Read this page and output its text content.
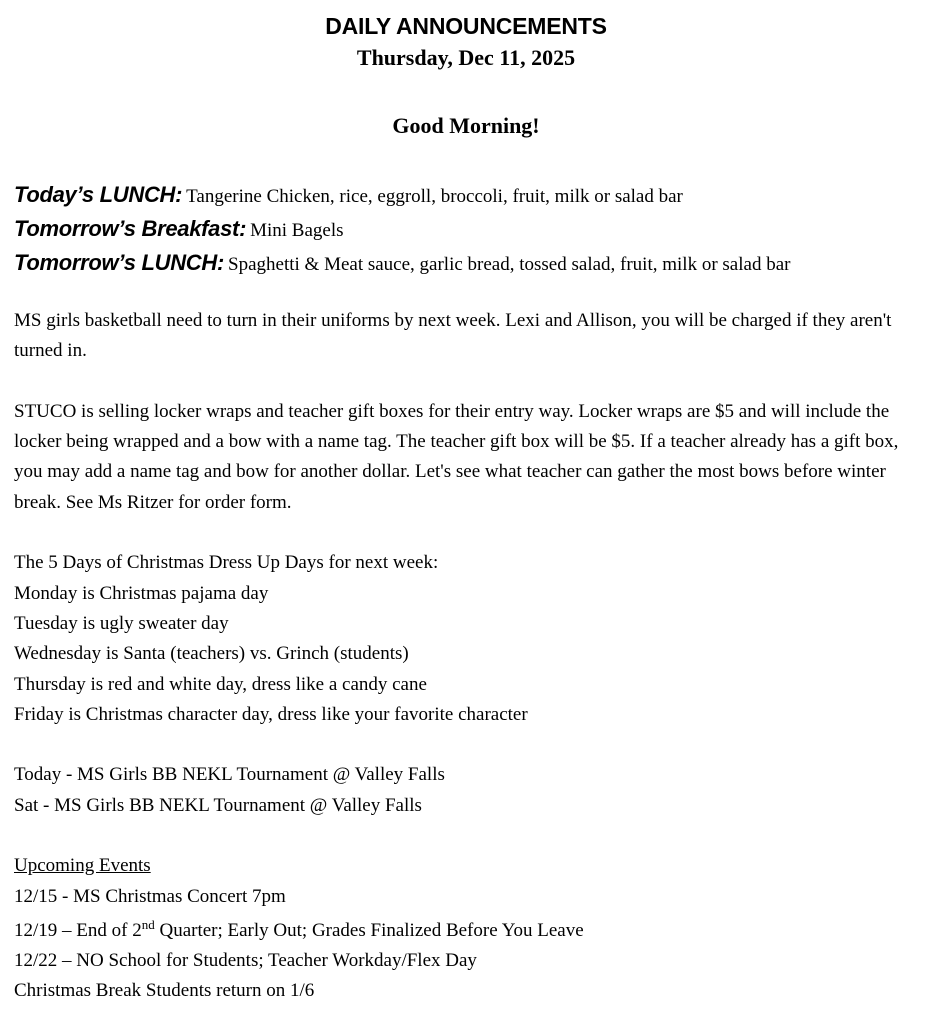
DAILY ANNOUNCEMENTS
Thursday, Dec 11, 2025
Good Morning!
Today’s LUNCH: Tangerine Chicken, rice, eggroll, broccoli, fruit, milk or salad bar
Tomorrow’s Breakfast: Mini Bagels
Tomorrow’s LUNCH: Spaghetti & Meat sauce, garlic bread, tossed salad, fruit, milk or salad bar

MS girls basketball need to turn in their uniforms by next week. Lexi and Allison, you will be charged if they aren't turned in.

STUCO is selling locker wraps and teacher gift boxes for their entry way. Locker wraps are $5 and will include the locker being wrapped and a bow with a name tag. The teacher gift box will be $5. If a teacher already has a gift box, you may add a name tag and bow for another dollar. Let's see what teacher can gather the most bows before winter break. See Ms Ritzer for order form.

The 5 Days of Christmas Dress Up Days for next week:
Monday is Christmas pajama day
Tuesday is ugly sweater day
Wednesday is Santa (teachers) vs. Grinch (students)
Thursday is red and white day, dress like a candy cane
Friday is Christmas character day, dress like your favorite character
Today - MS Girls BB NEKL Tournament @ Valley Falls
Sat - MS Girls BB NEKL Tournament @ Valley Falls
Upcoming Events
12/15 - MS Christmas Concert 7pm
12/19 – End of 2nd Quarter; Early Out; Grades Finalized Before You Leave
12/22 – NO School for Students; Teacher Workday/Flex Day
Christmas Break Students return on 1/6
